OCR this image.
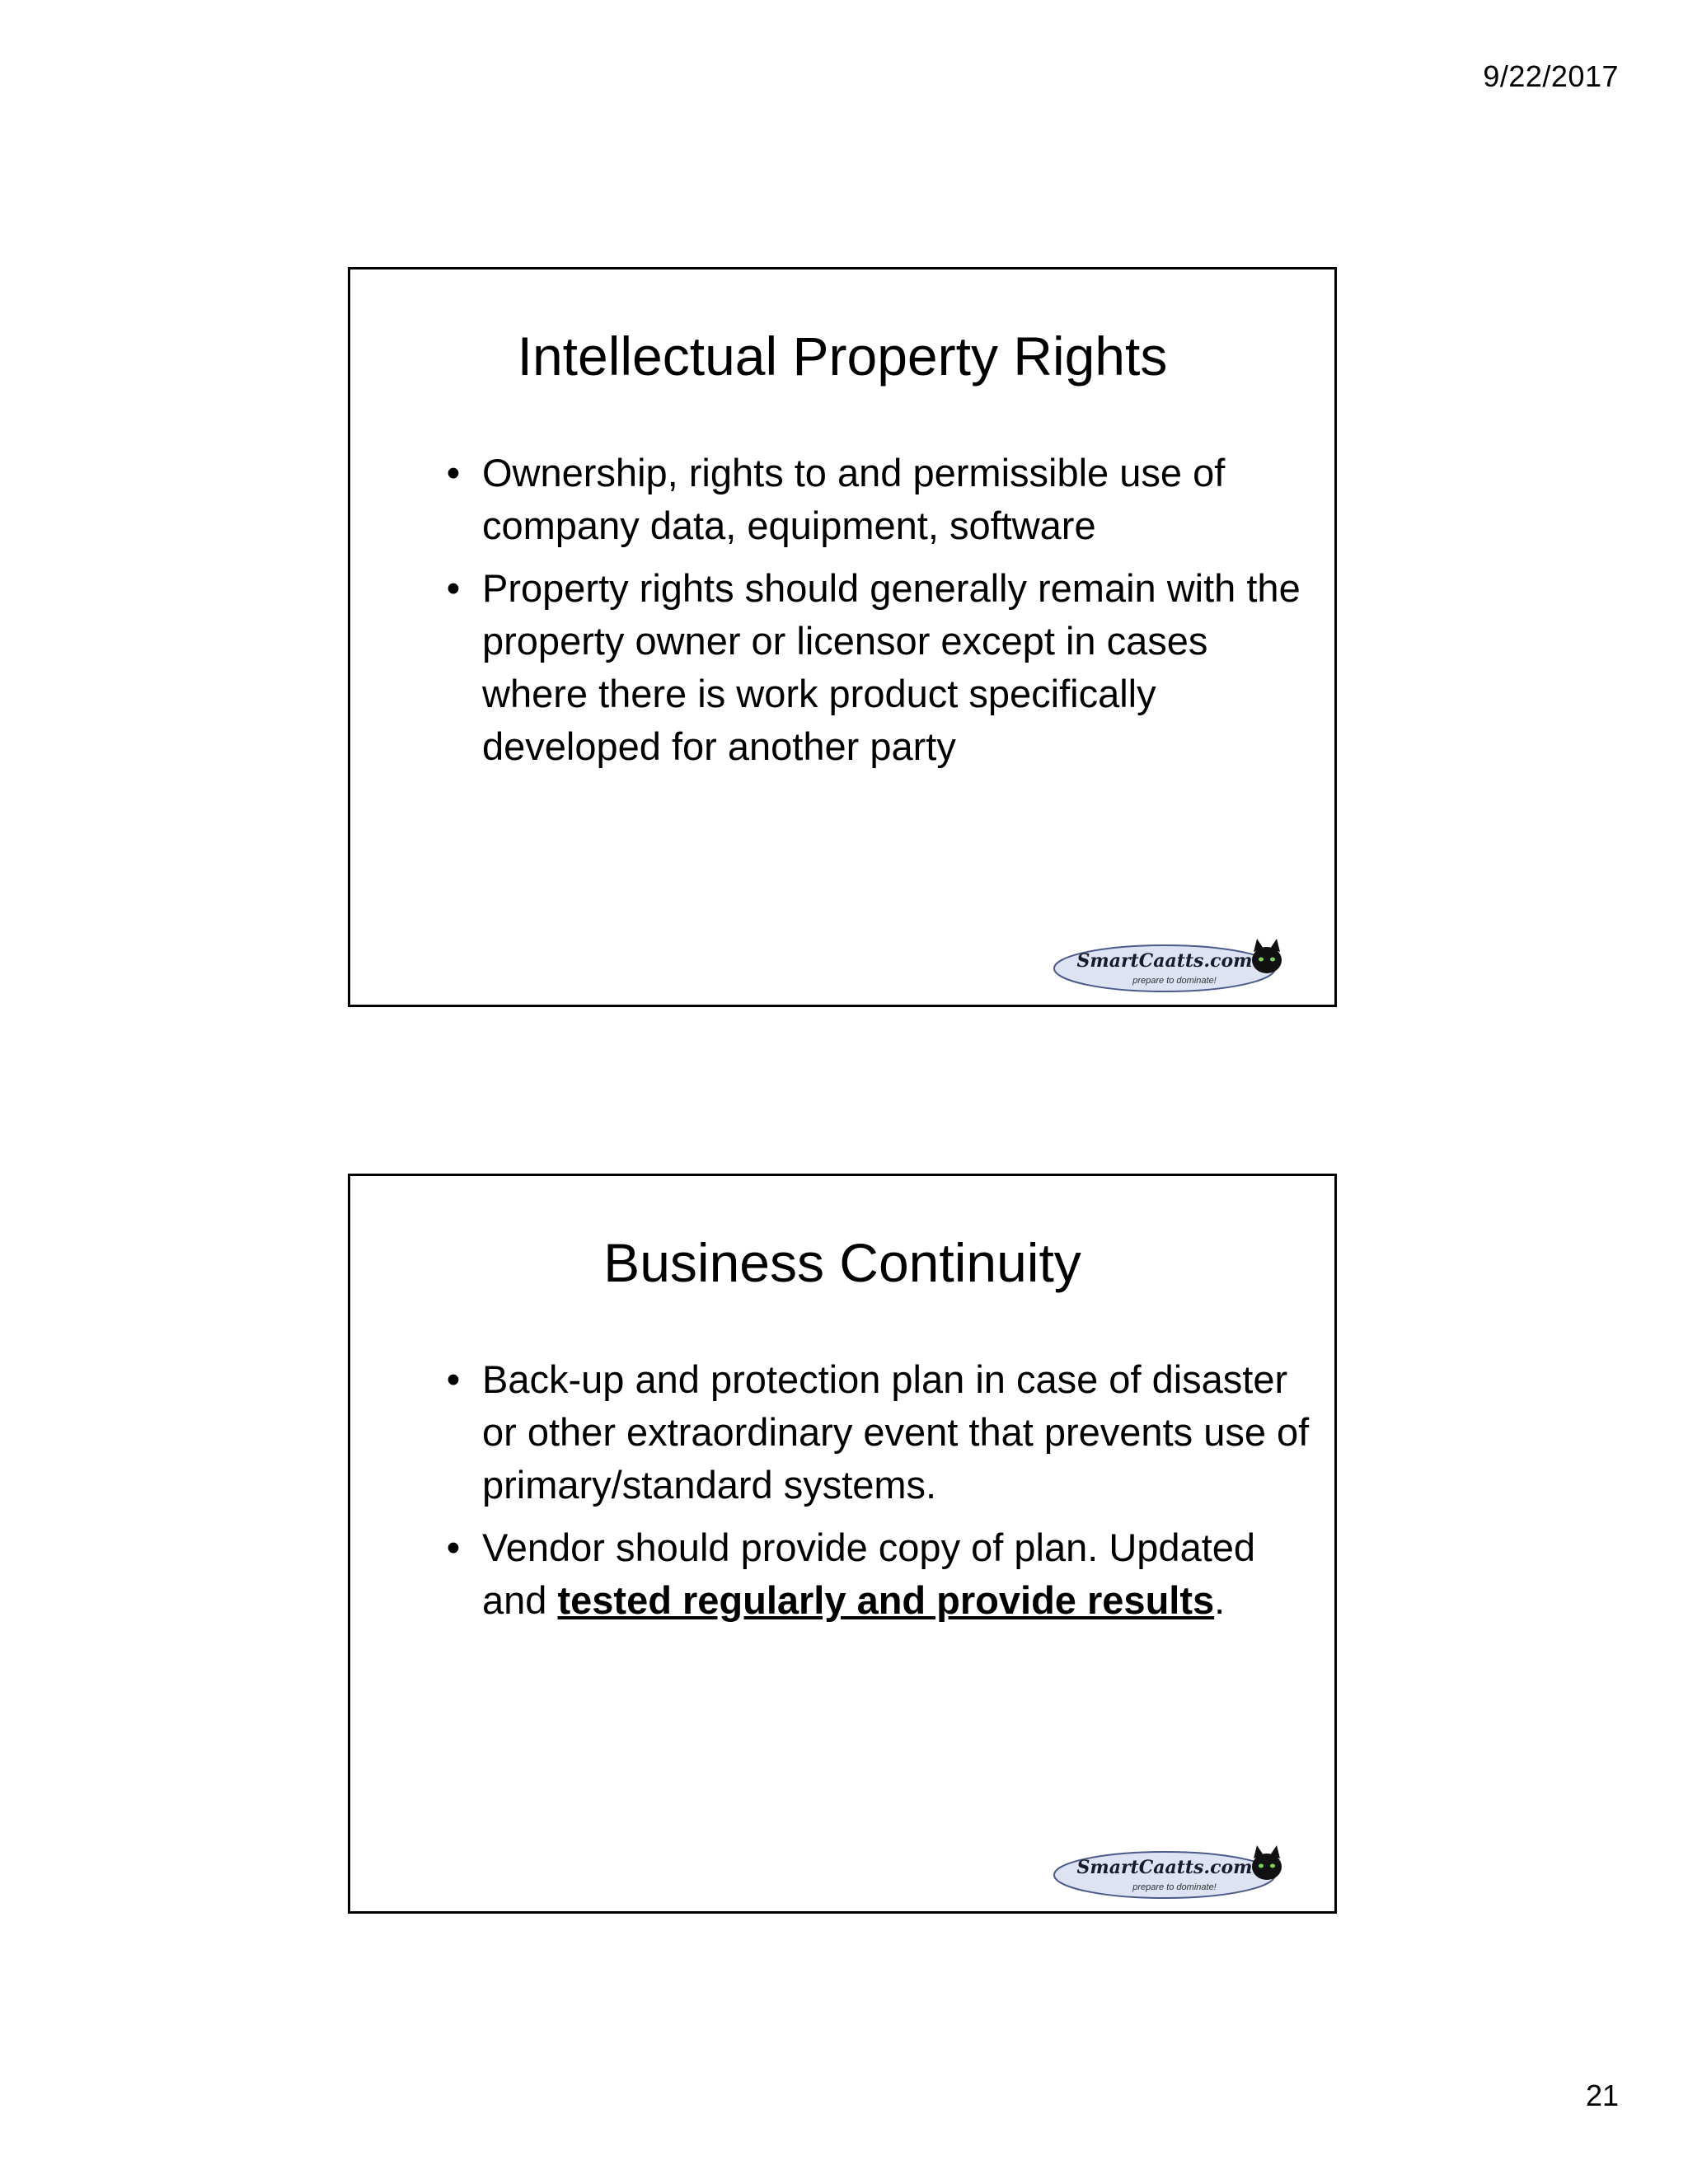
9/22/2017
Intellectual Property Rights
• Ownership, rights to and permissible use of company data, equipment, software
• Property rights should generally remain with the property owner or licensor except in cases where there is work product specifically developed for another party
SmartCaatts.com
prepare to dominate!
Business Continuity
• Back-up and protection plan in case of disaster or other extraordinary event that prevents use of primary/standard systems.
• Vendor should provide copy of plan. Updated and tested regularly and provide results.
SmartCaatts.com
prepare to dominate!
21
